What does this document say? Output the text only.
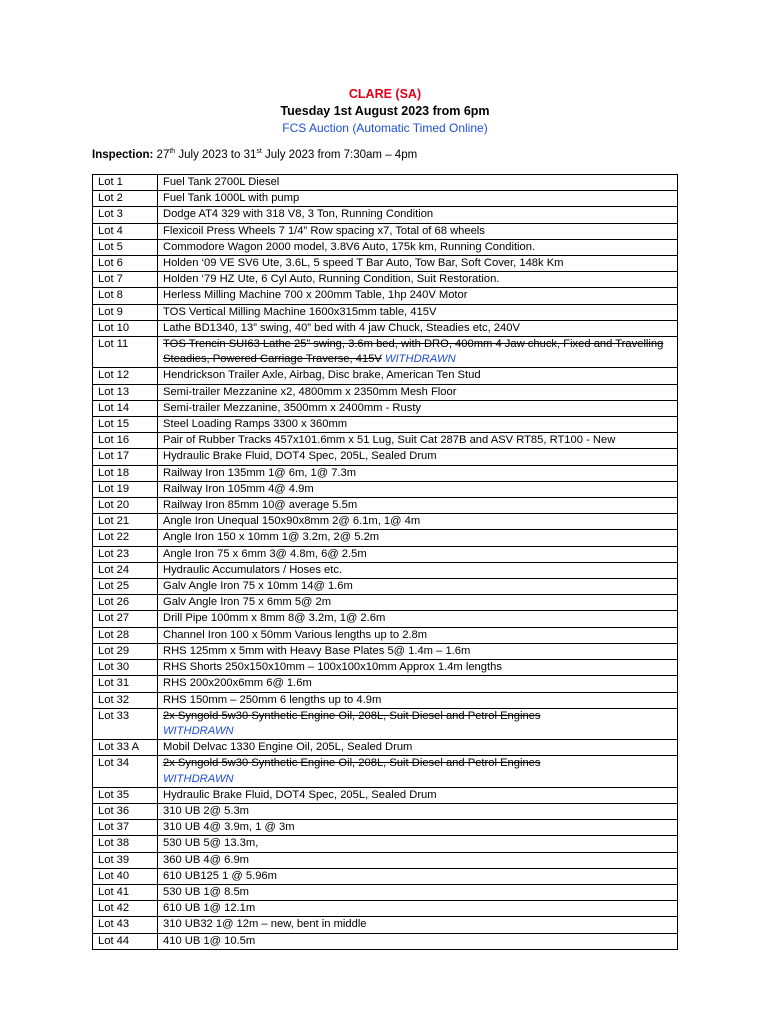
CLARE (SA)
Tuesday 1st August 2023 from 6pm
FCS Auction (Automatic Timed Online)
Inspection: 27th July 2023 to 31st July 2023 from 7:30am – 4pm
Lot 1	Fuel Tank 2700L Diesel
Lot 2	Fuel Tank 1000L with pump
Lot 3	Dodge AT4 329 with 318 V8, 3 Ton, Running Condition
Lot 4	Flexicoil Press Wheels 7 1/4” Row spacing x7, Total of 68 wheels
Lot 5	Commodore Wagon 2000 model, 3.8V6 Auto, 175k km, Running Condition.
Lot 6	Holden ‘09 VE SV6 Ute, 3.6L, 5 speed T Bar Auto, Tow Bar, Soft Cover, 148k Km
Lot 7	Holden ‘79 HZ Ute, 6 Cyl Auto, Running Condition, Suit Restoration.
Lot 8	Herless Milling Machine 700 x 200mm Table, 1hp 240V Motor
Lot 9	TOS Vertical Milling Machine 1600x315mm table, 415V
Lot 10	Lathe BD1340, 13” swing, 40” bed with 4 jaw Chuck, Steadies etc, 240V
Lot 11	TOS Trencin SUI63 Lathe 25” swing, 3.6m bed, with DRO, 400mm 4 Jaw chuck, Fixed and Travelling Steadies, Powered Carriage Traverse, 415V WITHDRAWN
Lot 12	Hendrickson Trailer Axle, Airbag, Disc brake, American Ten Stud
Lot 13	Semi-trailer Mezzanine x2, 4800mm x 2350mm Mesh Floor
Lot 14	Semi-trailer Mezzanine, 3500mm x 2400mm - Rusty
Lot 15	Steel Loading Ramps 3300 x 360mm
Lot 16	Pair of Rubber Tracks 457x101.6mm x 51 Lug, Suit Cat 287B and ASV RT85, RT100 - New
Lot 17	Hydraulic Brake Fluid, DOT4 Spec, 205L, Sealed Drum
Lot 18	Railway Iron 135mm 1@ 6m, 1@ 7.3m
Lot 19	Railway Iron 105mm 4@ 4.9m
Lot 20	Railway Iron 85mm 10@ average 5.5m
Lot 21	Angle Iron Unequal 150x90x8mm 2@ 6.1m, 1@ 4m
Lot 22	Angle Iron 150 x 10mm 1@ 3.2m, 2@ 5.2m
Lot 23	Angle Iron 75 x 6mm 3@ 4.8m, 6@ 2.5m
Lot 24	Hydraulic Accumulators / Hoses etc.
Lot 25	Galv Angle Iron 75 x 10mm 14@ 1.6m
Lot 26	Galv Angle Iron 75 x 6mm 5@ 2m
Lot 27	Drill Pipe 100mm x 8mm 8@ 3.2m, 1@ 2.6m
Lot 28	Channel Iron 100 x 50mm Various lengths up to 2.8m
Lot 29	RHS 125mm x 5mm with Heavy Base Plates 5@ 1.4m – 1.6m
Lot 30	RHS Shorts 250x150x10mm – 100x100x10mm Approx 1.4m lengths
Lot 31	RHS 200x200x6mm 6@ 1.6m
Lot 32	RHS 150mm – 250mm 6 lengths up to 4.9m
Lot 33	2x Syngold 5w30 Synthetic Engine Oil, 208L, Suit Diesel and Petrol Engines
WITHDRAWN
Lot 33 A	Mobil Delvac 1330 Engine Oil, 205L, Sealed Drum
Lot 34	2x Syngold 5w30 Synthetic Engine Oil, 208L, Suit Diesel and Petrol Engines
WITHDRAWN
Lot 35	Hydraulic Brake Fluid, DOT4 Spec, 205L, Sealed Drum
Lot 36	310 UB 2@ 5.3m
Lot 37	310 UB 4@ 3.9m, 1 @ 3m
Lot 38	530 UB 5@ 13.3m,
Lot 39	360 UB 4@ 6.9m
Lot 40	610 UB125 1 @ 5.96m
Lot 41	530 UB 1@ 8.5m
Lot 42	610 UB 1@ 12.1m
Lot 43	310 UB32 1@ 12m – new, bent in middle
Lot 44	410 UB 1@ 10.5m
